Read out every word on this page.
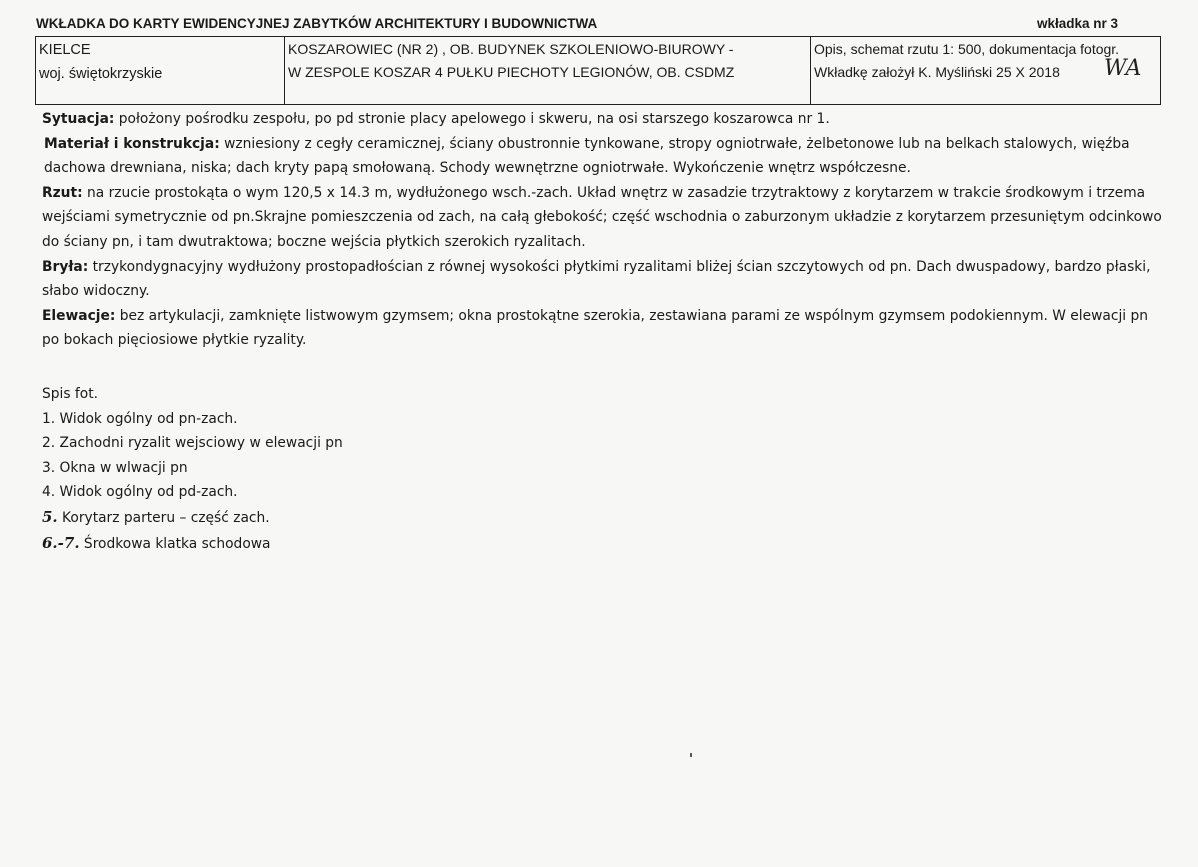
WKŁADKA DO KARTY EWIDENCYJNEJ ZABYTKÓW ARCHITEKTURY I BUDOWNICTWA	wkładka nr 3
KIELCE
woj. świętokrzyskie
KOSZAROWIEC (NR 2) , OB. BUDYNEK SZKOLENIOWO-BIUROWY -
W ZESPOLE KOSZAR 4 PUŁKU PIECHOTY LEGIONÓW, OB. CSDMZ
Opis, schemat rzutu 1: 500, dokumentacja fotogr.
Wkładkę założył K. Myśliński 25 X 2018	WA

Sytuacja: położony pośrodku zespołu, po pd stronie placy apelowego i skweru, na osi starszego koszarowca nr 1.

Materiał i konstrukcja: wzniesiony z cegły ceramicznej, ściany obustronnie tynkowane, stropy ogniotrwałe, żelbetonowe lub na belkach stalowych, więźba dachowa drewniana, niska; dach kryty papą smołowaną. Schody wewnętrzne ogniotrwałe. Wykończenie wnętrz współczesne.

Rzut: na rzucie prostokąta o wym 120,5 x 14.3 m, wydłużonego wsch.-zach. Układ wnętrz w zasadzie trzytraktowy z korytarzem w trakcie środkowym i trzema wejściami symetrycznie od pn.Skrajne pomieszczenia od zach, na całą głebokość; część wschodnia o zaburzonym układzie z korytarzem przesuniętym odcinkowo do ściany pn, i tam dwutraktowa; boczne wejścia płytkich szerokich ryzalitach.

Bryła: trzykondygnacyjny wydłużony prostopadłościan z równej wysokości płytkimi ryzalitami bliżej ścian szczytowych od pn. Dach dwuspadowy, bardzo płaski, słabo widoczny.

Elewacje: bez artykulacji, zamknięte listwowym gzymsem; okna prostokątne szerokia, zestawiana parami ze wspólnym gzymsem podokiennym. W elewacji pn po bokach pięciosiowe płytkie ryzality.

Spis fot.
1. Widok ogólny od pn-zach.
2. Zachodni ryzalit wejsciowy w elewacji pn
3. Okna w wlwacji pn
4. Widok ogólny od pd-zach.
5. Korytarz parteru – część zach.
6.-7. Środkowa klatka schodowa
